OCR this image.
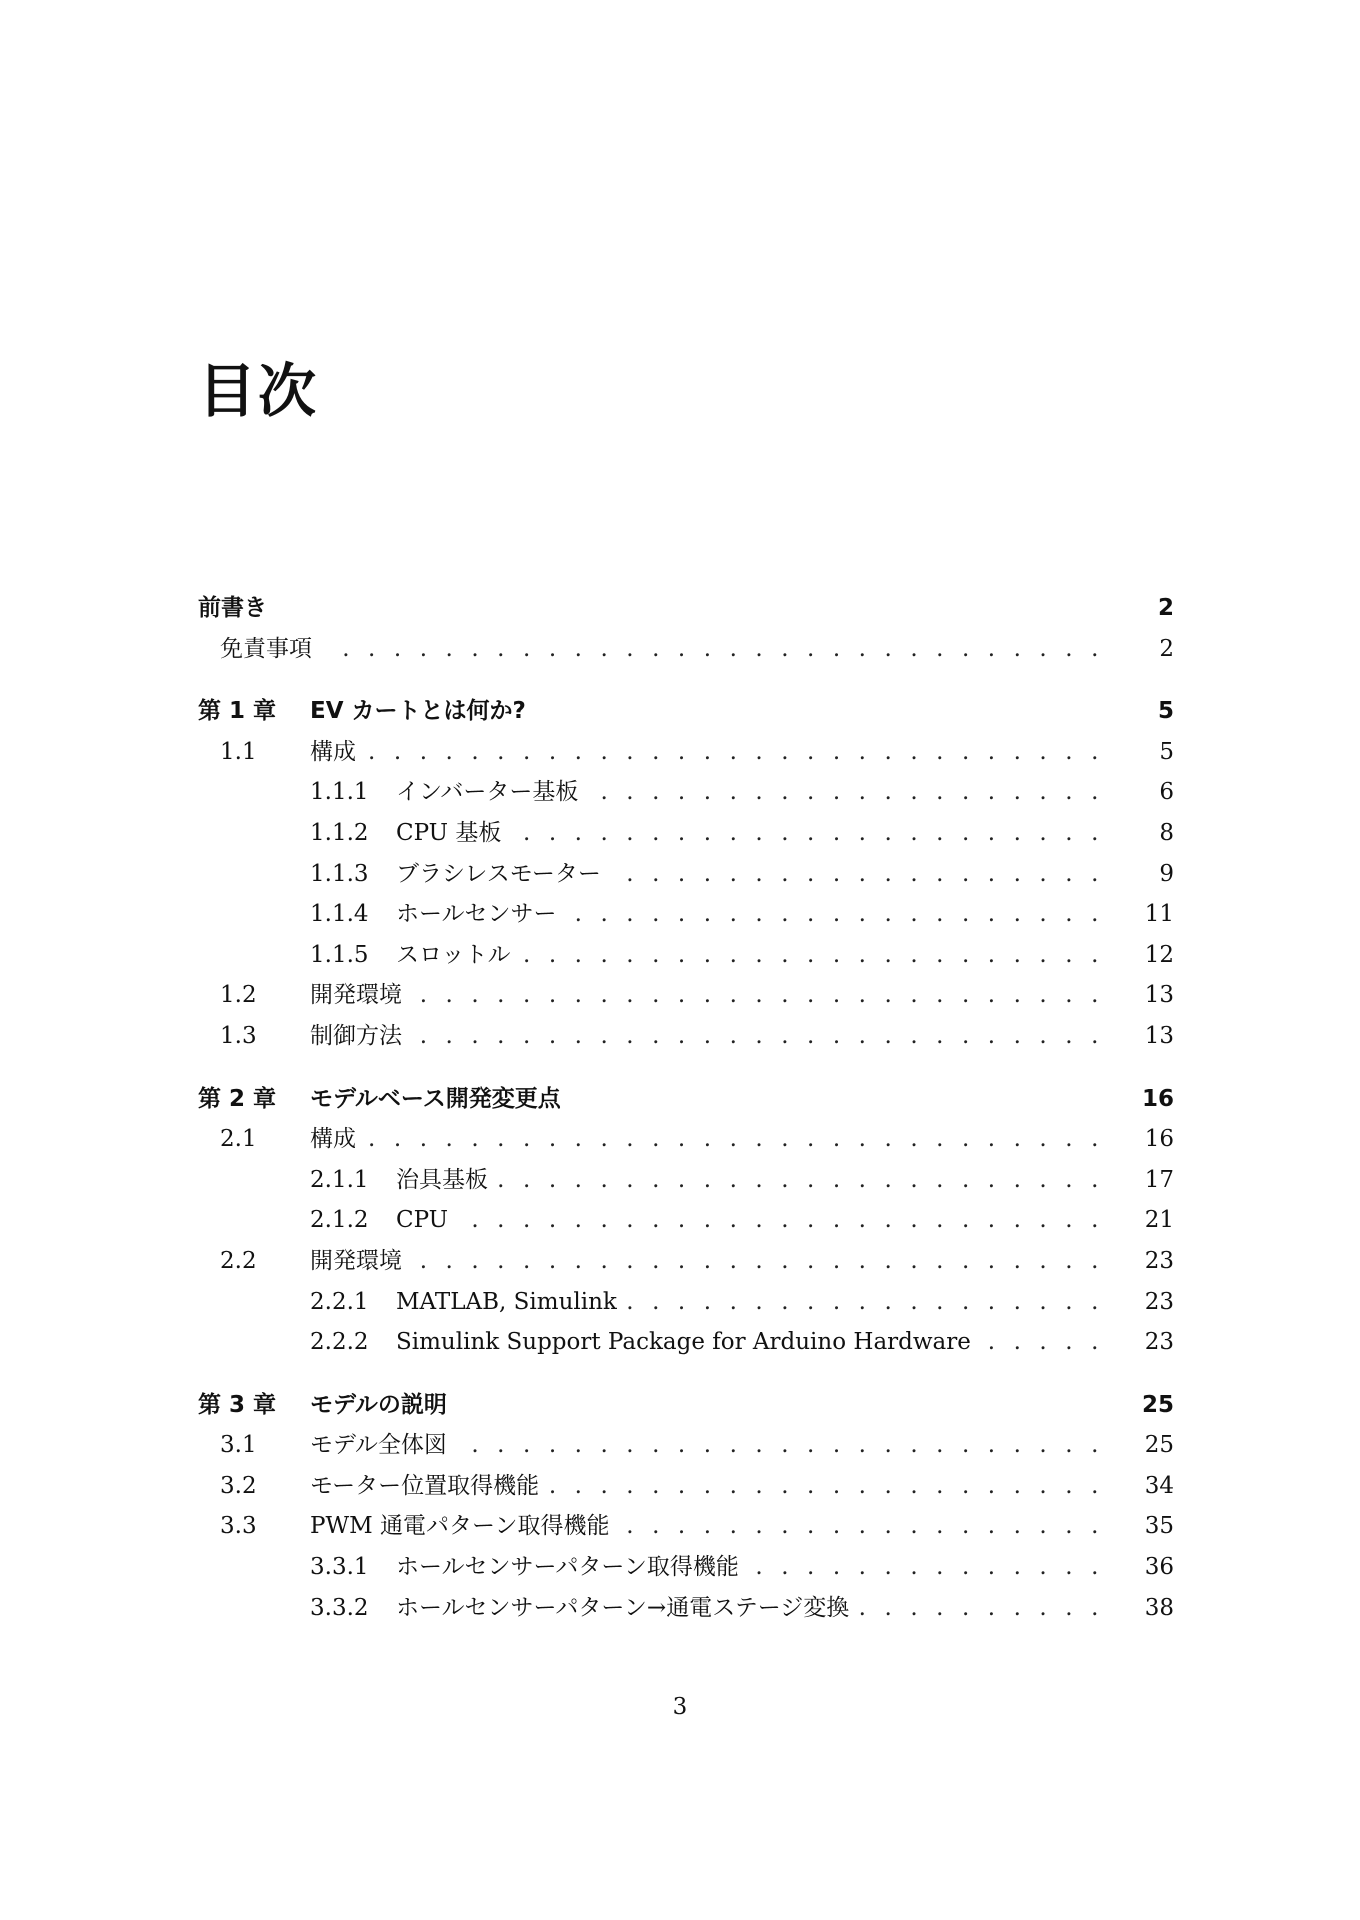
目次
前書き	2
免責事項 . . .	2
第 1 章 EV カートとは何か?	5
1.1 構成 . . .	5
1.1.1 インバーター基板 . . .	6
1.1.2 CPU 基板 . . .	8
1.1.3 ブラシレスモーター . . .	9
1.1.4 ホールセンサー . . .	11
1.1.5 スロットル . . .	12
1.2 開発環境 . . .	13
1.3 制御方法 . . .	13
第 2 章 モデルベース開発変更点	16
2.1 構成 . . .	16
2.1.1 治具基板 . . .	17
2.1.2 CPU . . .	21
2.2 開発環境 . . .	23
2.2.1 MATLAB, Simulink . . .	23
2.2.2 Simulink Support Package for Arduino Hardware . . .	23
第 3 章 モデルの説明	25
3.1 モデル全体図 . . .	25
3.2 モーター位置取得機能 . . .	34
3.3 PWM 通電パターン取得機能 . . .	35
3.3.1 ホールセンサーパターン取得機能 . . .	36
3.3.2 ホールセンサーパターン→通電ステージ変換 . . .	38
3
